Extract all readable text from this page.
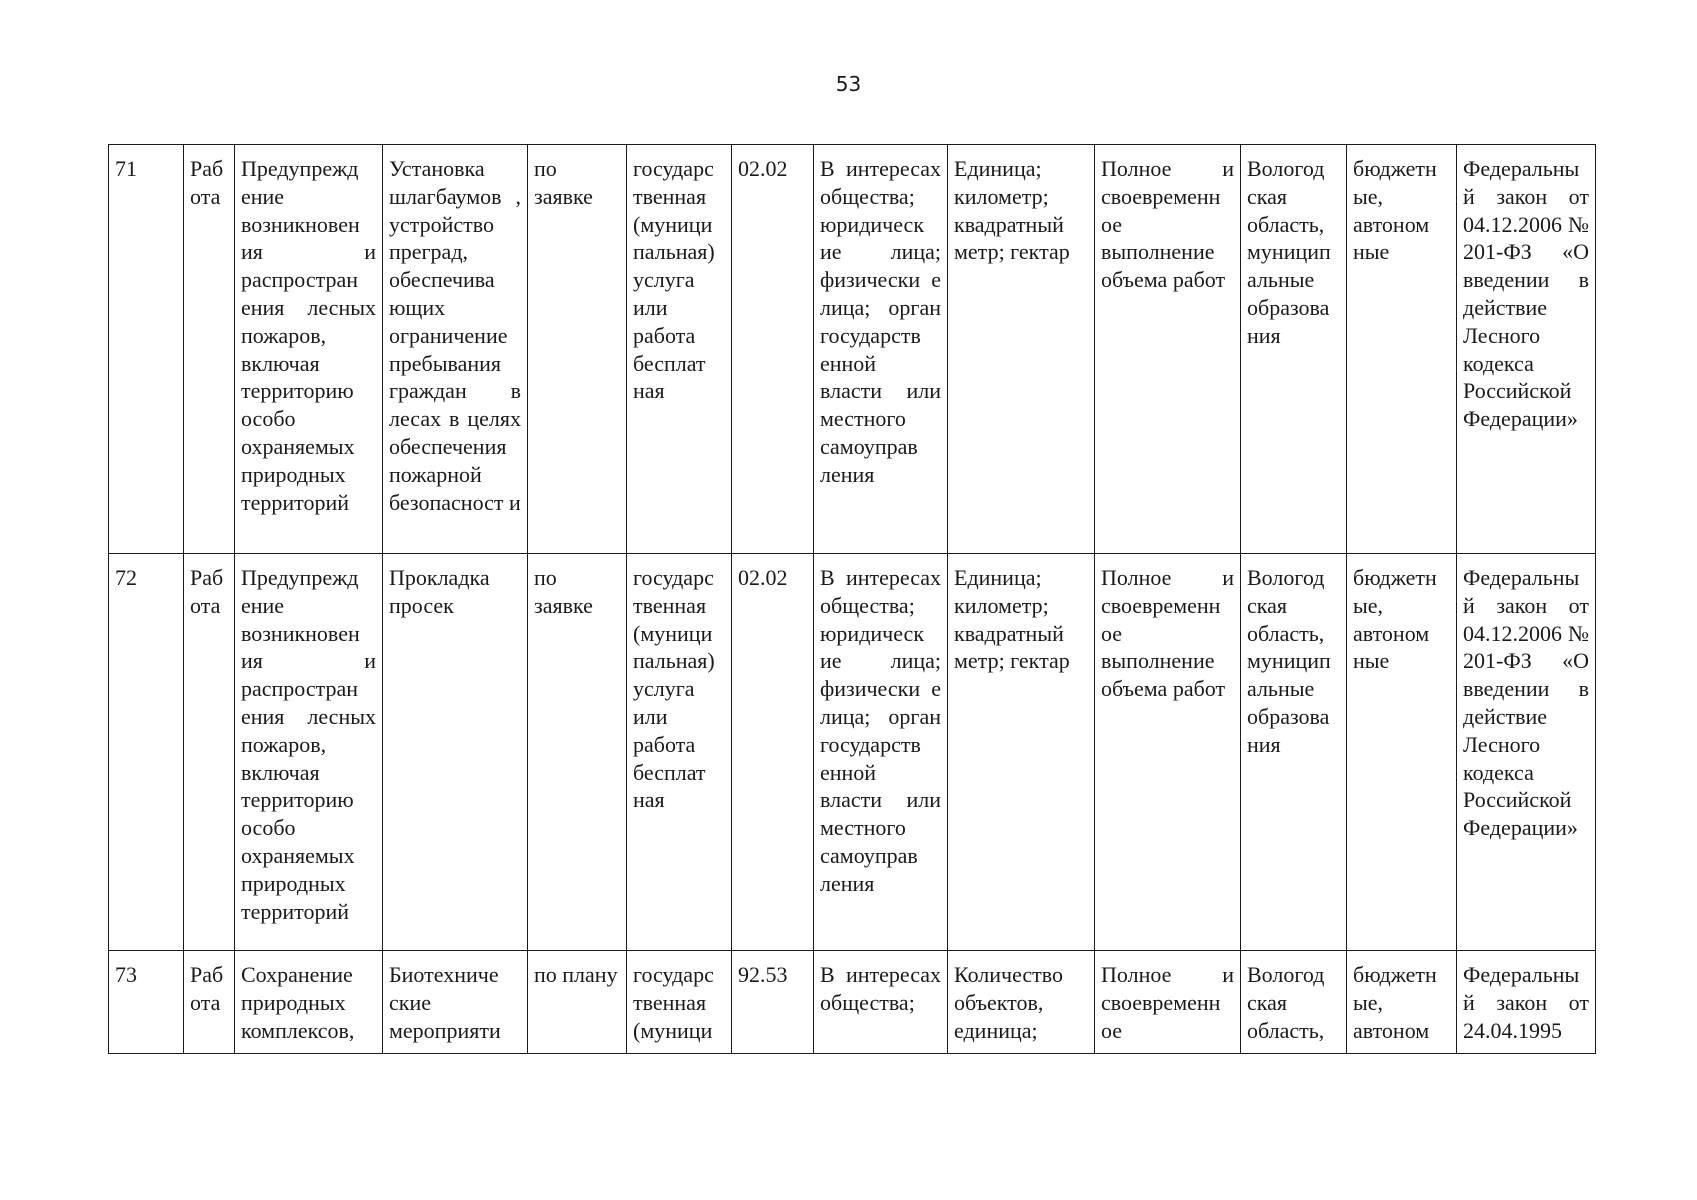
53
71	Раб ота	Предупрежд ение возникновен ия и распростран ения лесных пожаров, включая территорию особо охраняемых природных территорий	Установка шлагбаумов , устройство преград, обеспечива ющих ограничение пребывания граждан в лесах в целях обеспечения пожарной безопасност и	по заявке	государс твенная (муници пальная) услуга или работа бесплат ная	02.02	В интересах общества; юридическ ие лица; физически е лица; орган государств енной власти или местного самоуправ ления	Единица; километр; квадратный метр; гектар	Полное и своевременн ое выполнение объема работ	Вологод ская область, муницип альные образова ния	бюджетн ые, автоном ные	Федеральны й закон от 04.12.2006 № 201-ФЗ «О введении в действие Лесного кодекса Российской Федерации»
72	Раб ота	Предупрежд ение возникновен ия и распростран ения лесных пожаров, включая территорию особо охраняемых природных территорий	Прокладка просек	по заявке	государс твенная (муници пальная) услуга или работа бесплат ная	02.02	В интересах общества; юридическ ие лица; физически е лица; орган государств енной власти или местного самоуправ ления	Единица; километр; квадратный метр; гектар	Полное и своевременн ое выполнение объема работ	Вологод ская область, муницип альные образова ния	бюджетн ые, автоном ные	Федеральны й закон от 04.12.2006 № 201-ФЗ «О введении в действие Лесного кодекса Российской Федерации»
73	Раб ота	Сохранение природных комплексов,	Биотехниче ские мероприяти	по плану	государс твенная (муници	92.53	В интересах общества;	Количество объектов, единица;	Полное и своевременн ое	Вологод ская область,	бюджетн ые, автоном	Федеральны й закон от 24.04.1995
